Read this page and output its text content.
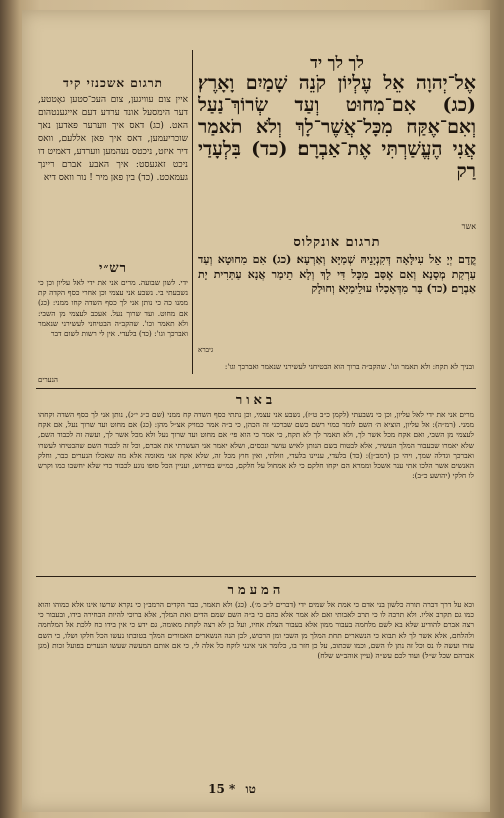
לך לך יד
אֶל־יְהוָה אֵל עֶלְיוֹן קֹנֵה שָׁמַיִם וָאָרֶץ׃ (כג) אִם־מִחוּט וְעַד שְׂרוֹךְ־נַעַל וְאִם־אֶקַּח מִכָּל־אֲשֶׁר־לָךְ וְלֹא תֹאמַר אֲנִי הֶעֱשַׁרְתִּי אֶת־אַבְרָם׃ (כד) בִּלְעָדַי רַק
אשר
תרגום אונקלוס
קֳדָם יְיָ אֵל עִילָּאָה דְּקִנְיָנֵיהּ שְׁמַיָּא וְאַרְעָא׃ (כג) אִם מִחוּטָא וְעַד עַרְקַת מְסָנָא וְאִם אֶסַּב מִכָּל דִּי לָךְ וְלָא תֵימַר אֲנָא עַתַּרִית יָת אַבְרָם׃ (כד) בַּר מִדְּאָכַלוּ עוּלֵימַיָּא וְחוּלָק
גיברא
תרגום אשכנזי קיד
איין צום עוויגען, צום העכ־סטען גאָטטע, דער הימסעל אונד ערדע דעם אייגענטהום האט. (כג) דאס איך ווערער פאדען נאך שוכריעמען, דאס איך פאן אללעם, וואס דיר איזט, ניכטס נעהמען ווערדע, דאמיט דו ניכט זאגעסט: איך האבע אברם ריינך געמאכט. (כד) בין פאן מיר ! נור וואס דיא
רש״י
ידי. לשון שבועה. מרים אני את ידי לאל עליון וכן כי נשבעתי בי. נשבע אני עצמי וכן אחרי כסף הקדה קת ממנו כה כי נותן אני לך כסף השדה קחו ממני: (כג) אם מחוט. ועד שרוך נעל. אעכב לעצמי מן השבי: ולא תאמר וכו'. שהקב״ה הבטיחני לעשירני שנאמר ואברכך וגו': (כד) בלעדי. אין לי רשות לשום דבר
ובניך לא תקח: ולא תאמר וגו'. שהקב״ה ברוך הוא הבטיחני לעשירני שנאמר ואברכך וגו':
הנערים
באור
מרים אני את ידי לאל עליון, וכן כי נשבעתי (לקמן כ״ב ט״ז), נשבע אני עצמי, וכן נתתי כסף השדה קח ממני (שם כ״ג י״ג), נותן אני לך כסף השדה וקחהו ממני. (רמ״ה): אל עליון, הוציא ה׳ השם לומר כמוי רשם כשם שברכני זה הכהן, כי ב״ה אמר כמויק אצ״ל מהן: (כג) אם מחוט ועד שרוך נעל, אם אקח לעצמי מן השבי, ואם אקח מכל אשר לך, ולא תאמר לך לא תקח, כי אמר כי הוא פי׳ אם מחוט ועד שרוך נעל ולא מכל אשר לך, ועשה זה לכבוד השם, שלא יאמרו שבעבור המלך העשיר, אלא לבטוח בשם הנותן לאיש עושר ונכסים, ושלא יאמר אני העשרתי את אברם, וכל זה לכבוד השם שהבטיחו לעשרו ואברכך וגדלה שמך, ויהי כן (רמב״ן): (כד) בלעדי, עניינו בלעדי, וזולתי, ואין חוץ מכל זה, שלא אקח אני מאומה אלא מה שאכלו הנערים כבר, וחלק האנשים אשר הלכו אתי ענר אשכל וממרא הם יקחו חלקם כי לא אמחול על חלקם, כמ״ש בפירוש, ועניין הכל סופו נוגע לכבוד כדי שלא יחשבו כמו וקרש לו חלקי (יהושע כ״ב):
המעמר
וכא על דרך דברה תורה כלשון בני אדם כי אמת אל שמים ידי (דברים ל״ב מ׳). (כג) ולא תאמר, כבר הקדים הרמב״ן כי נקרא שרשו אינו אלא כמוהו והוא כמו גם תקרב אליו. ולא תרבה לו כי תרב לאבותי ואם לא אמר אלא כהם כי ב״ה השם שמם הדים ואת המלך, אלא ברוכי להיות הבחירה בידו, ובעבור כי רצה אברם להודיע שלא בא לשם מלחמה בעבור ממון אלא בעבור הצלת אחיו, ועל כן לא רצה לקחת מאומה, גם ידע כי אין בידו כח ללכת אל המלחמה ולהלחם, אלא אשר לך לא תבוא כי הנשארים תחת המלך מן השבי ומן הרכוש, לכן הנה הנשארים האמורים המלך בטובתו נעשו הכל חלקו ושלו, כי השם עזרו ועשה לו נס וכל זה נתן לו השם, וכמו שכתוב, על כן חזר בו, כלומר אני אינני לוקח כל אלה לי, כי אם אותם המעשה שעשו הנערים בפועל זכות (מגן אברהם שכל ש״ל) ועוד לכם עש״ה (עיין אוהב״ש שלח)
15 * טו
